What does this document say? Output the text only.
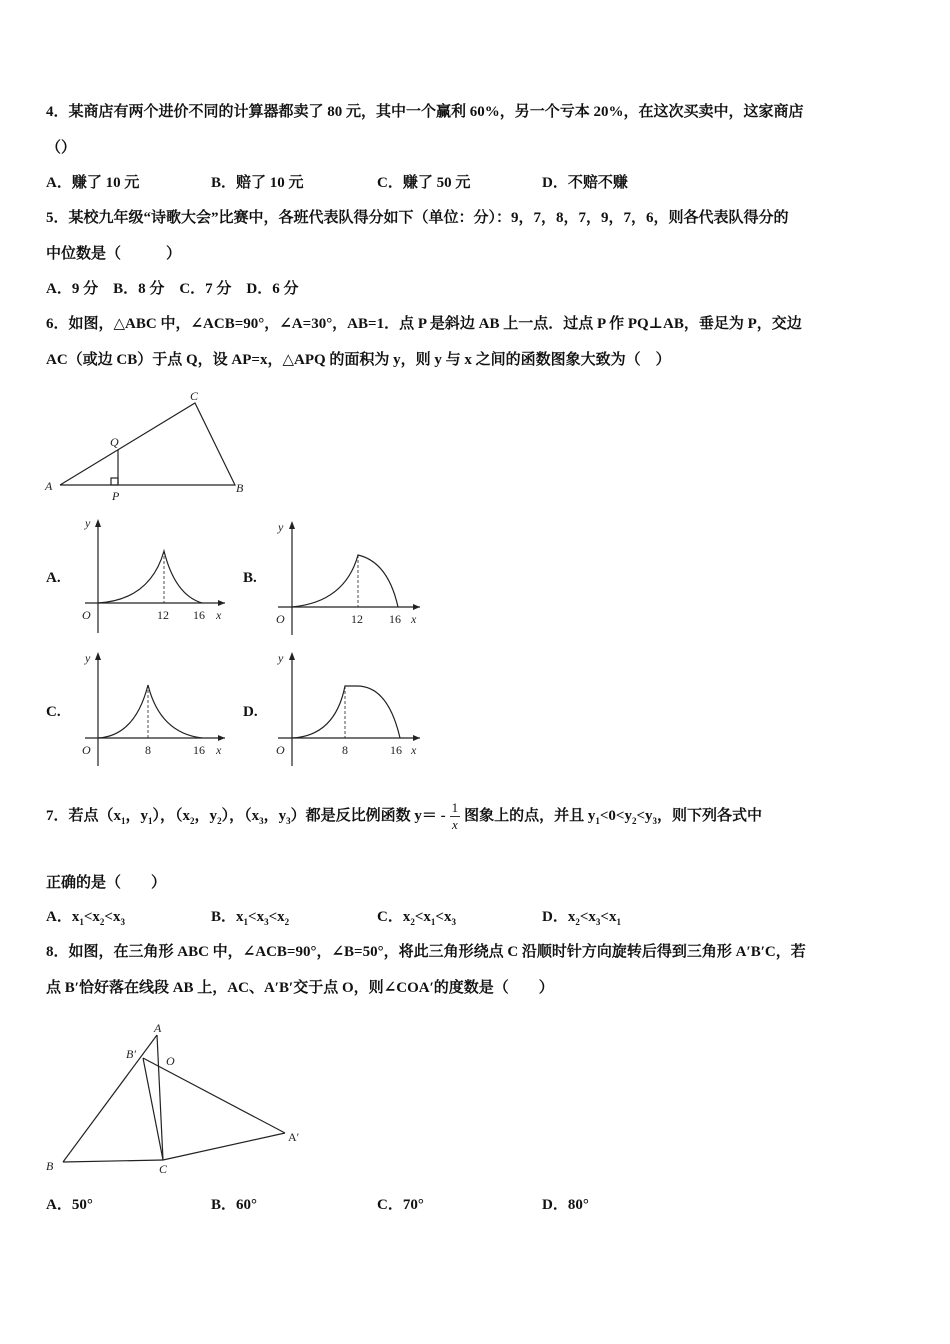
4．某商店有两个进价不同的计算器都卖了 80 元，其中一个赢利 60%，另一个亏本 20%，在这次买卖中，这家商店
（）
A．赚了 10 元	B．赔了 10 元	C．赚了 50 元	D．不赔不赚
5．某校九年级“诗歌大会”比赛中，各班代表队得分如下（单位：分）：9，7，8，7，9，7，6，则各代表队得分的
中位数是（　　　）
A．9 分　B．8 分　C．7 分　D．6 分
6．如图，△ABC 中，∠ACB=90°，∠A=30°，AB=1．点 P 是斜边 AB 上一点．过点 P 作 PQ⊥AB，垂足为 P，交边
AC（或边 CB）于点 Q，设 AP=x，△APQ 的面积为 y，则 y 与 x 之间的函数图象大致为（　）
A	B
C
P
Q
A.	B.
C.	D.
O	12 16 x
y
O	12 16 x
y
O	8	16 x
y
O	8	16 x
y
7．若点（$x_1$，$y_1$），（$x_2$，$y_2$），（$x_3$，$y_3$）都是反比例函数 $y= - \frac{1}{x}$ 图象上的点，并且 $y_1<0<y_2<y_3$，则下列各式中
正确的是（　　）
A．$x_1<x_2<x_3$	B．$x_1<x_3<x_2$	C．$x_2<x_1<x_3$	D．$x_2<x_3<x_1$
8．如图，在三角形 ABC 中，∠ACB=90°，∠B=50°，将此三角形绕点 C 沿顺时针方向旋转后得到三角形 A′B′C，若
点 B′恰好落在线段 AB 上，AC、A′B′交于点 O，则∠COA′的度数是（　　）
A
B	C
B′	O
A′
A．50°	B．60°	C．70°	D．80°
